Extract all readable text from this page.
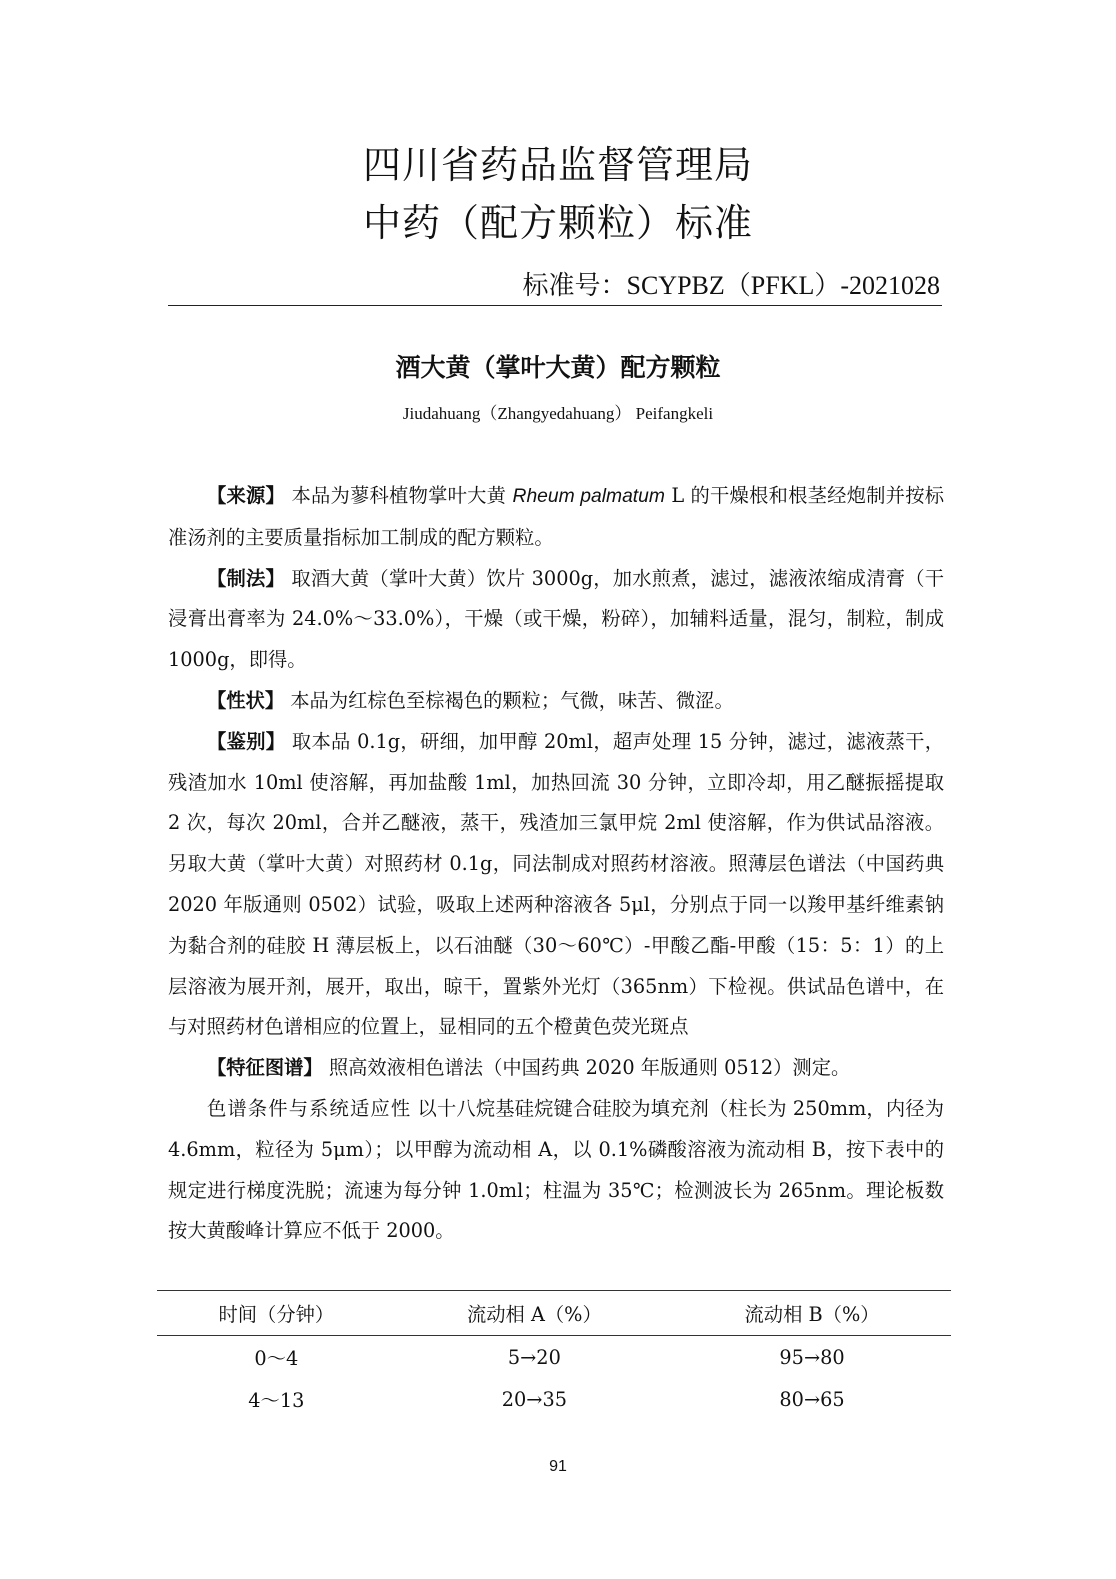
四川省药品监督管理局
中药（配方颗粒）标准
标准号：SCYPBZ（PFKL）-2021028
酒大黄（掌叶大黄）配方颗粒
Jiudahuang（Zhangyedahuang） Peifangkeli

【来源】 本品为蓼科植物掌叶大黄 Rheum palmatum L 的干燥根和根茎经炮制并按标准汤剂的主要质量指标加工制成的配方颗粒。

【制法】 取酒大黄（掌叶大黄）饮片 3000g，加水煎煮，滤过，滤液浓缩成清膏（干浸膏出膏率为 24.0%～33.0%），干燥（或干燥，粉碎），加辅料适量，混匀，制粒，制成 1000g，即得。

【性状】 本品为红棕色至棕褐色的颗粒；气微，味苦、微涩。

【鉴别】 取本品 0.1g，研细，加甲醇 20ml，超声处理 15 分钟，滤过，滤液蒸干，残渣加水 10ml 使溶解，再加盐酸 1ml，加热回流 30 分钟，立即冷却，用乙醚振摇提取 2 次，每次 20ml，合并乙醚液，蒸干，残渣加三氯甲烷 2ml 使溶解，作为供试品溶液。另取大黄（掌叶大黄）对照药材 0.1g，同法制成对照药材溶液。照薄层色谱法（中国药典 2020 年版通则 0502）试验，吸取上述两种溶液各 5μl，分别点于同一以羧甲基纤维素钠为黏合剂的硅胶 H 薄层板上，以石油醚（30～60℃）-甲酸乙酯-甲酸（15：5：1）的上层溶液为展开剂，展开，取出，晾干，置紫外光灯（365nm）下检视。供试品色谱中，在与对照药材色谱相应的位置上，显相同的五个橙黄色荧光斑点

【特征图谱】 照高效液相色谱法（中国药典 2020 年版通则 0512）测定。

色谱条件与系统适应性 以十八烷基硅烷键合硅胶为填充剂（柱长为 250mm，内径为 4.6mm，粒径为 5μm）；以甲醇为流动相 A，以 0.1%磷酸溶液为流动相 B，按下表中的规定进行梯度洗脱；流速为每分钟 1.0ml；柱温为 35℃；检测波长为 265nm。理论板数按大黄酸峰计算应不低于 2000。

时间（分钟）	流动相 A（%）	流动相 B（%）
0～4	5→20	95→80
4～13	20→35	80→65
91
